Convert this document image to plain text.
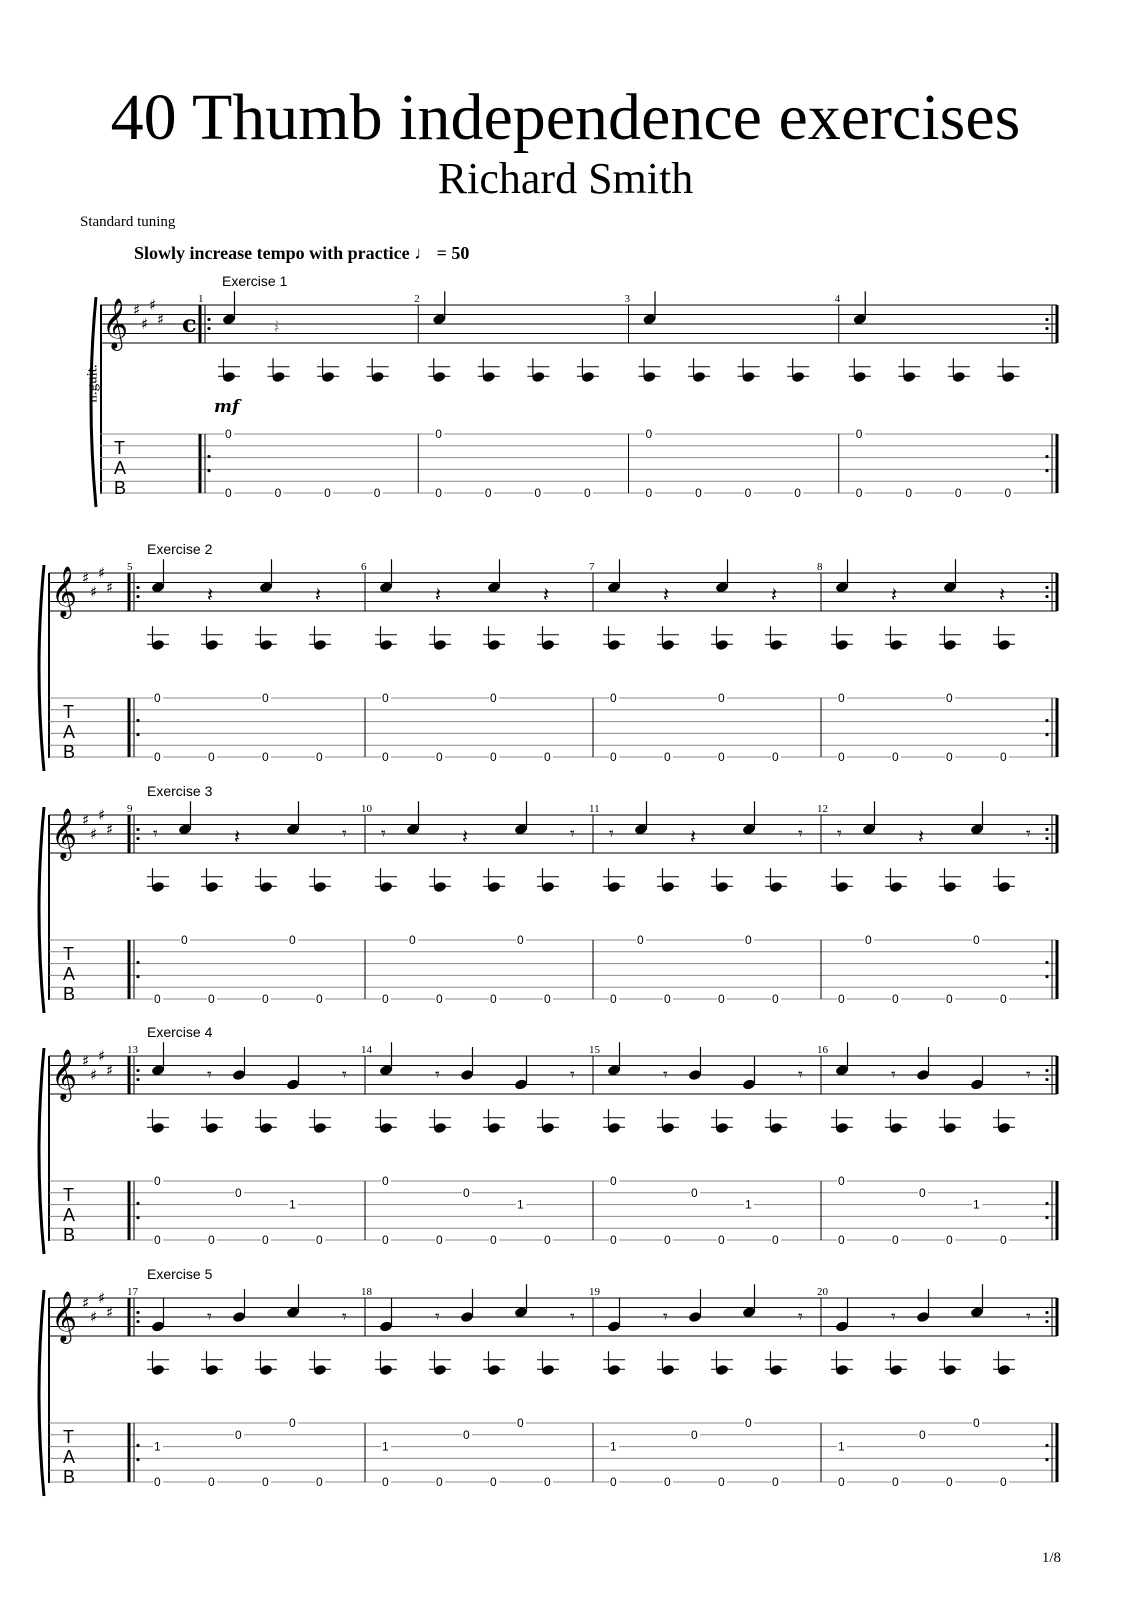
40 Thumb independence exercises
Richard Smith
Standard tuning
Slowly increase tempo with practice ♩ = 50
n.guit.
𝄞 ♯
♯
♯
♯ c
T
A
B
Exercise 1
1
𝄽
0
0	0	0	0
2
0
0	0	0	0
3
0
0	0	0	0
4
0
0	0	0	0
mf
𝄞 ♯
♯
♯
♯
T
A
B
Exercise 2
5
𝄽	𝄽
0	0
0	0	0	0
6
𝄽	𝄽
0	0
0	0	0	0
7
𝄽	𝄽
0	0
0	0	0	0
8
𝄽	𝄽
0	0
0	0	0	0
𝄞 ♯
♯
♯
♯
T
A
B
Exercise 3
9
𝄾	𝄽	𝄾
0	0
0	0	0	0
10
𝄾	𝄽	𝄾
0	0
0	0	0	0
11
𝄾	𝄽	𝄾
0	0
0	0	0	0
12
𝄾	𝄽	𝄾
0	0
0	0	0	0
𝄞 ♯
♯
♯
♯
T
A
B
Exercise 4
13
𝄾	𝄾
0
0
1
0	0	0	0
14
𝄾	𝄾
0
0
1
0	0	0	0
15
𝄾	𝄾
0
0
1
0	0	0	0
16
𝄾	𝄾
0
0
1
0	0	0	0
𝄞 ♯
♯
♯
♯
T
A
B
Exercise 5
17
𝄾	𝄾
1
0
0
0	0	0	0
18
𝄾	𝄾
1
0
0
0	0	0	0
19
𝄾	𝄾
1
0
0
0	0	0	0
20
𝄾	𝄾
1
0
0
0	0	0	0
1/8
